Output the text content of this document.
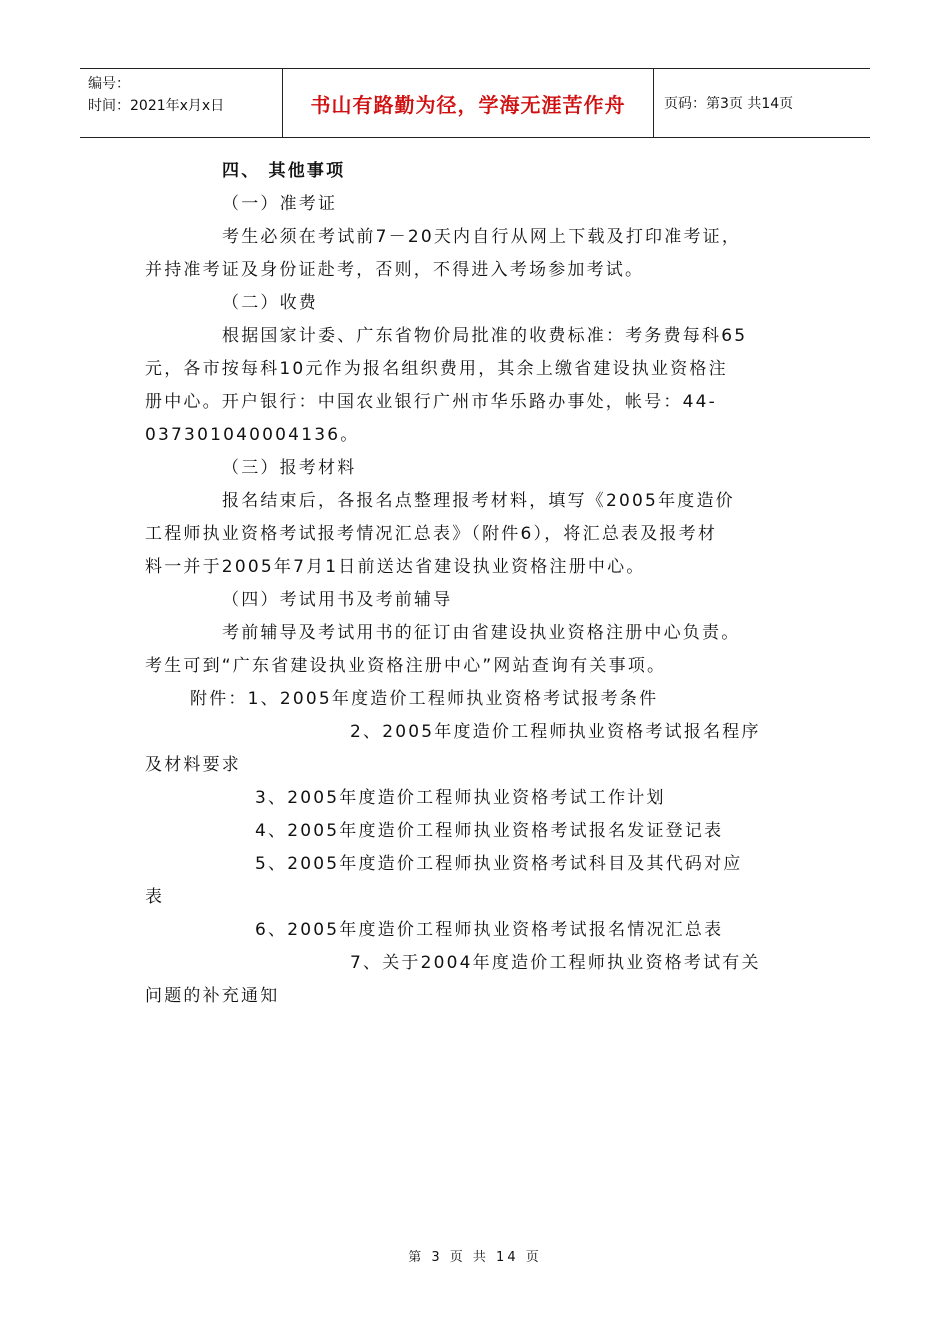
编号：
时间：2021年x月x日	书山有路勤为径，学海无涯苦作舟	页码：第3页 共14页
四、 其他事项
（一）准考证
考生必须在考试前7－20天内自行从网上下载及打印准考证，
并持准考证及身份证赴考，否则，不得进入考场参加考试。
（二）收费
根据国家计委、广东省物价局批准的收费标准：考务费每科65
元，各市按每科10元作为报名组织费用，其余上缴省建设执业资格注
册中心。开户银行：中国农业银行广州市华乐路办事处，帐号：44-
037301040004136。
（三）报考材料
报名结束后，各报名点整理报考材料，填写《2005年度造价
工程师执业资格考试报考情况汇总表》（附件6），将汇总表及报考材
料一并于2005年7月1日前送达省建设执业资格注册中心。
（四）考试用书及考前辅导
考前辅导及考试用书的征订由省建设执业资格注册中心负责。
考生可到“广东省建设执业资格注册中心”网站查询有关事项。
附件：1、2005年度造价工程师执业资格考试报考条件
2、2005年度造价工程师执业资格考试报名程序
及材料要求
3、2005年度造价工程师执业资格考试工作计划
4、2005年度造价工程师执业资格考试报名发证登记表
5、2005年度造价工程师执业资格考试科目及其代码对应
表
6、2005年度造价工程师执业资格考试报名情况汇总表
7、关于2004年度造价工程师执业资格考试有关
问题的补充通知
第 3 页 共 14 页
